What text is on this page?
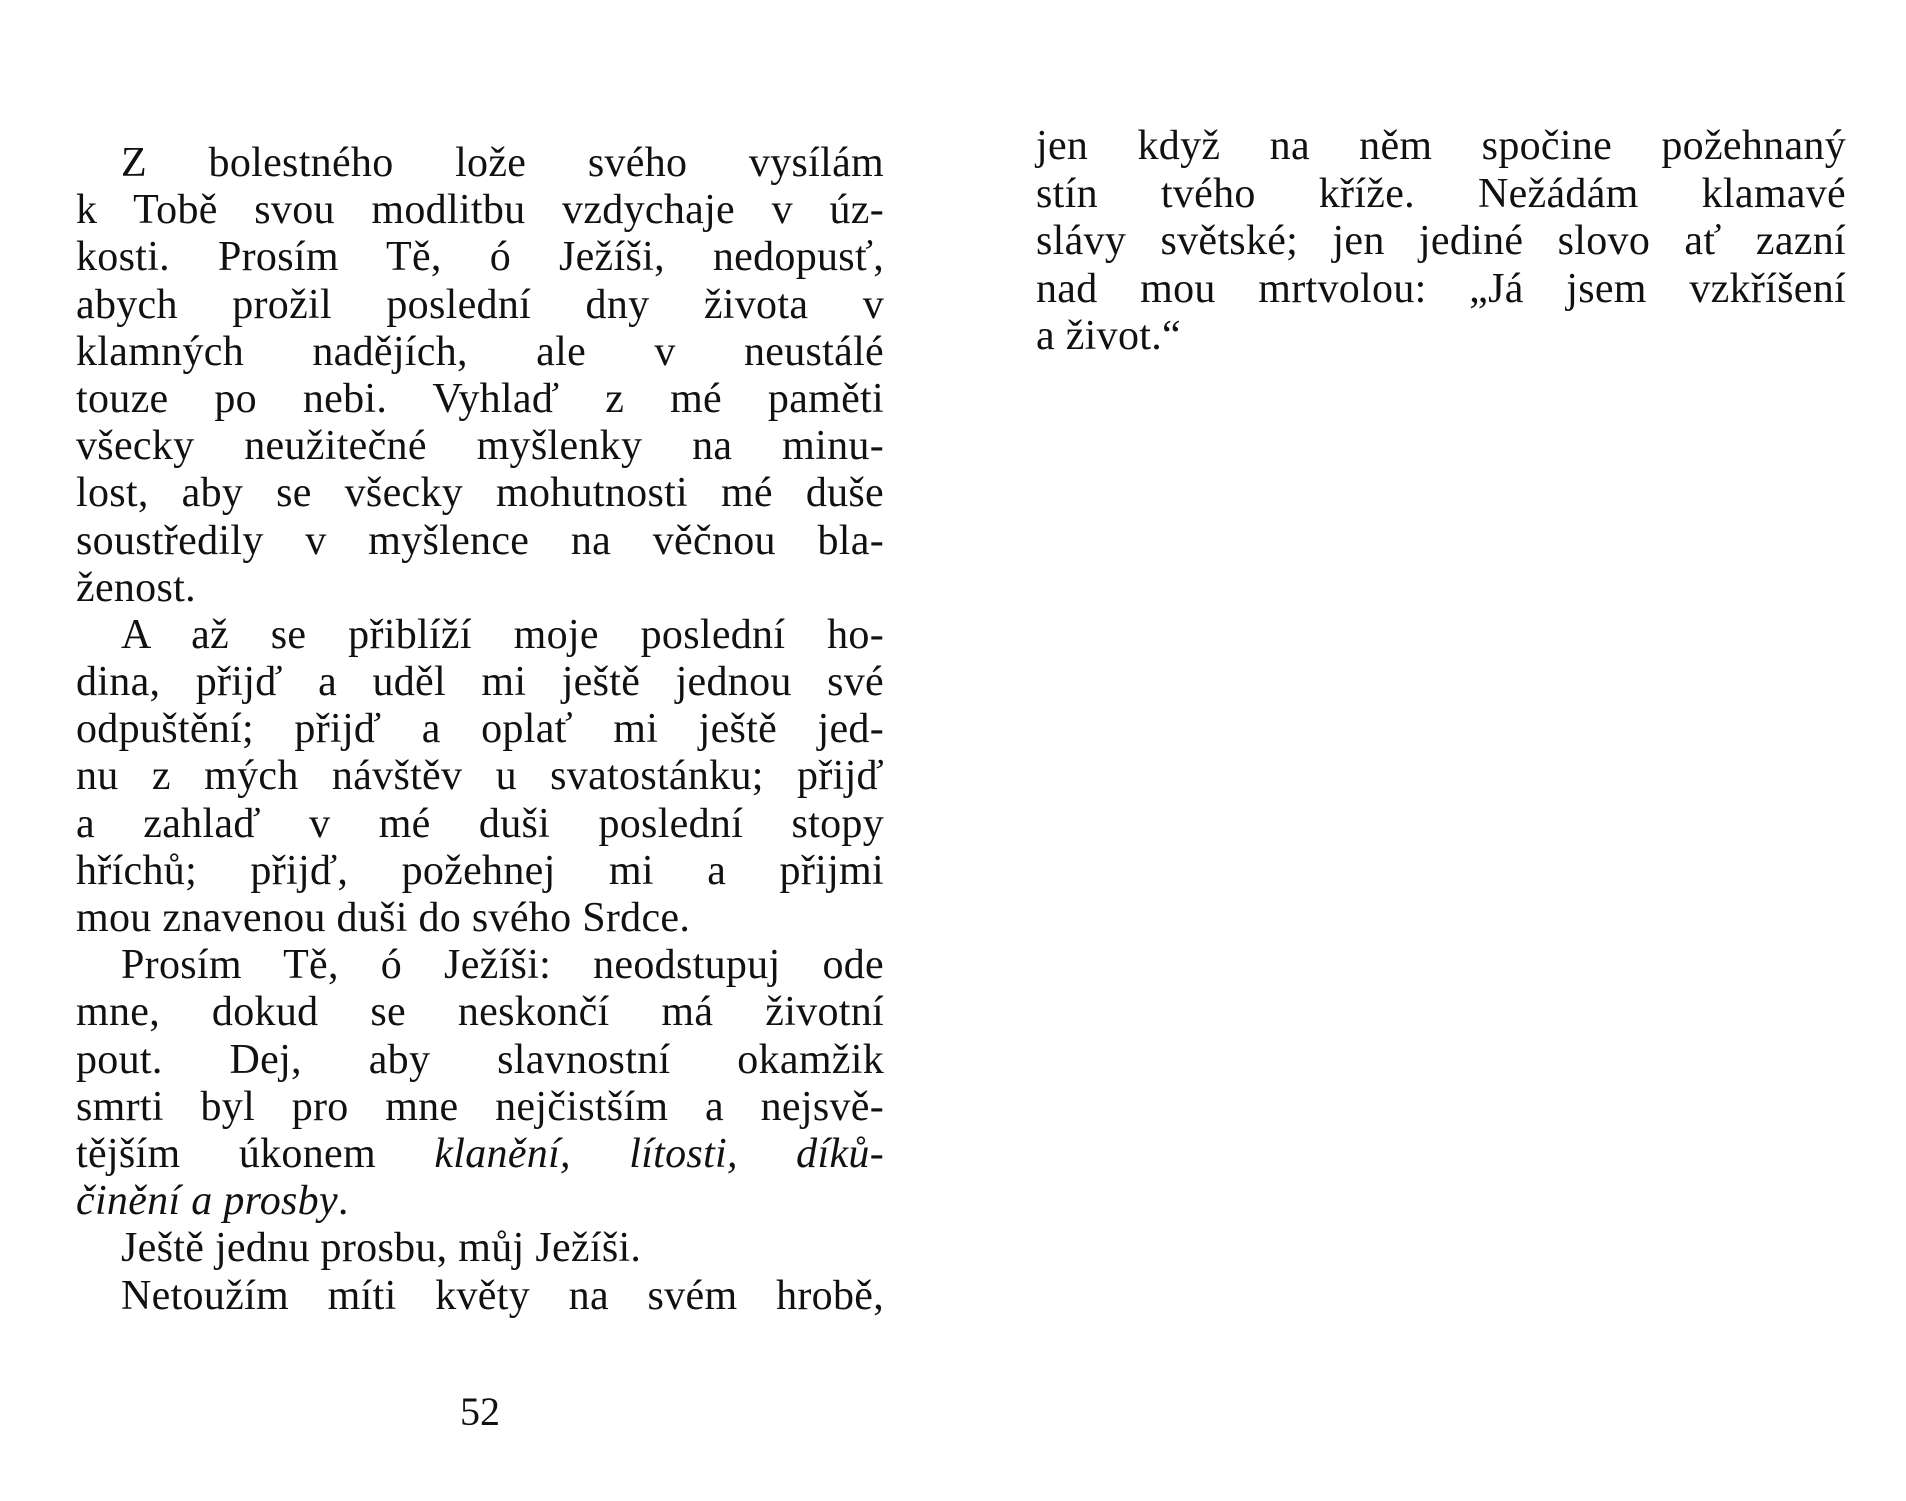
Z bolestného lože svého vysílám
k Tobě svou modlitbu vzdychaje v úz-
kosti. Prosím Tě, ó Ježíši, nedopusť,
abych prožil poslední dny života v
klamných nadějích, ale v neustálé
touze po nebi. Vyhlaď z mé paměti
všecky neužitečné myšlenky na minu-
lost, aby se všecky mohutnosti mé duše
soustředily v myšlence na věčnou bla-
ženost.
A až se přiblíží moje poslední ho-
dina, přijď a uděl mi ještě jednou své
odpuštění; přijď a oplať mi ještě jed-
nu z mých návštěv u svatostánku; přijď
a zahlaď v mé duši poslední stopy
hříchů; přijď, požehnej mi a přijmi
mou znavenou duši do svého Srdce.
Prosím Tě, ó Ježíši: neodstupuj ode
mne, dokud se neskončí má životní
pout. Dej, aby slavnostní okamžik
smrti byl pro mne nejčistším a nejsvě-
tějším úkonem klanění, lítosti, díků-
činění a prosby.
Ještě jednu prosbu, můj Ježíši.
Netoužím míti květy na svém hrobě,
52
jen když na něm spočine požehnaný
stín tvého kříže. Nežádám klamavé
slávy světské; jen jediné slovo ať zazní
nad mou mrtvolou: „Já jsem vzkříšení
a život.“
